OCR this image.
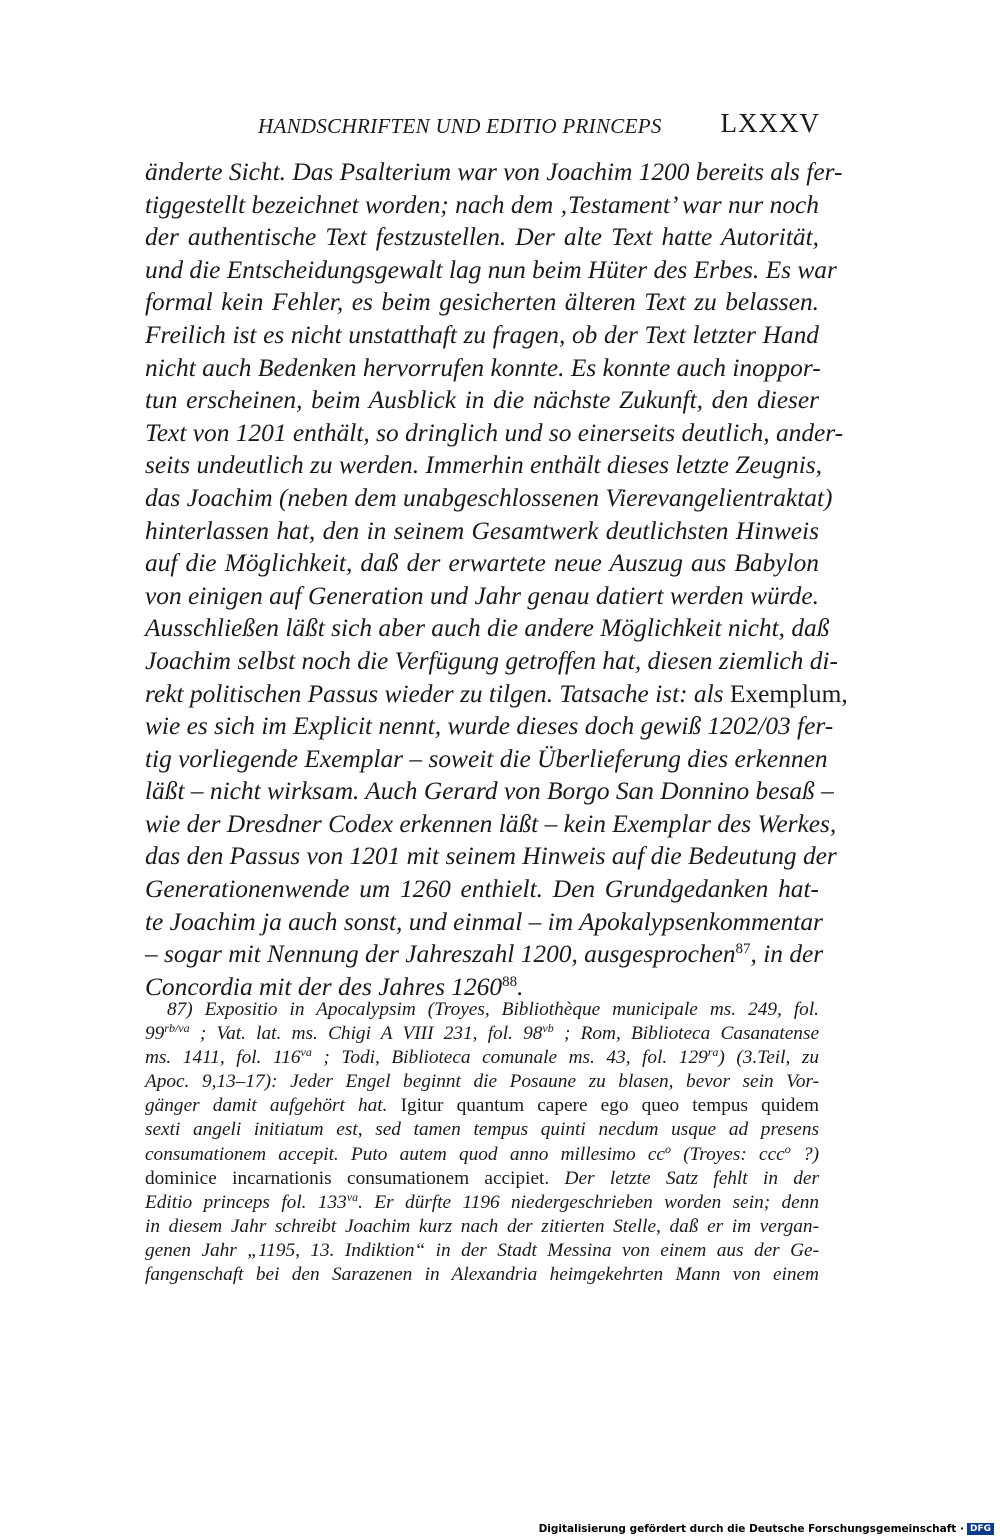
HANDSCHRIFTEN UND EDITIO PRINCEPS LXXXV
änderte Sicht. Das Psalterium war von Joachim 1200 bereits als fer-
tiggestellt bezeichnet worden; nach dem ‚Testament’ war nur noch
der authentische Text festzustellen. Der alte Text hatte Autorität,
und die Entscheidungsgewalt lag nun beim Hüter des Erbes. Es war
formal kein Fehler, es beim gesicherten älteren Text zu belassen.
Freilich ist es nicht unstatthaft zu fragen, ob der Text letzter Hand
nicht auch Bedenken hervorrufen konnte. Es konnte auch inoppor-
tun erscheinen, beim Ausblick in die nächste Zukunft, den dieser
Text von 1201 enthält, so dringlich und so einerseits deutlich, ander-
seits undeutlich zu werden. Immerhin enthält dieses letzte Zeugnis,
das Joachim (neben dem unabgeschlossenen Vierevangelientraktat)
hinterlassen hat, den in seinem Gesamtwerk deutlichsten Hinweis
auf die Möglichkeit, daß der erwartete neue Auszug aus Babylon
von einigen auf Generation und Jahr genau datiert werden würde.
Ausschließen läßt sich aber auch die andere Möglichkeit nicht, daß
Joachim selbst noch die Verfügung getroffen hat, diesen ziemlich di-
rekt politischen Passus wieder zu tilgen. Tatsache ist: als Exemplum,
wie es sich im Explicit nennt, wurde dieses doch gewiß 1202/03 fer-
tig vorliegende Exemplar – soweit die Überlieferung dies erkennen
läßt – nicht wirksam. Auch Gerard von Borgo San Donnino besaß –
wie der Dresdner Codex erkennen läßt – kein Exemplar des Werkes,
das den Passus von 1201 mit seinem Hinweis auf die Bedeutung der
Generationenwende um 1260 enthielt. Den Grundgedanken hat-
te Joachim ja auch sonst, und einmal – im Apokalypsenkommentar
– sogar mit Nennung der Jahreszahl 1200, ausgesprochen$^{87}$, in der
Concordia mit der des Jahres 1260$^{88}$.
87) Expositio in Apocalypsim (Troyes, Bibliothèque municipale ms. 249, fol.
$99^{rb/va}$ ; Vat. lat. ms. Chigi A VIII 231, fol. $98^{vb}$ ; Rom, Biblioteca Casanatense
ms. 1411, fol. $116^{va}$ ; Todi, Biblioteca comunale ms. 43, fol. $129^{ra}$) (3.Teil, zu
Apoc. 9,13–17): Jeder Engel beginnt die Posaune zu blasen, bevor sein Vor-
gänger damit aufgehört hat. Igitur quantum capere ego queo tempus quidem
sexti angeli initiatum est, sed tamen tempus quinti necdum usque ad presens
consumationem accepit. Puto autem quod anno millesimo $cc^o$ (Troyes: ccc$^o$ ?)
dominice incarnationis consumationem accipiet. Der letzte Satz fehlt in der
Editio princeps fol. $133^{va}$. Er dürfte 1196 niedergeschrieben worden sein; denn
in diesem Jahr schreibt Joachim kurz nach der zitierten Stelle, daß er im vergan-
genen Jahr „1195, 13. Indiktion“ in der Stadt Messina von einem aus der Ge-
fangenschaft bei den Sarazenen in Alexandria heimgekehrten Mann von einem
Digitalisierung gefördert durch die Deutsche Forschungsgemeinschaft · DFG
